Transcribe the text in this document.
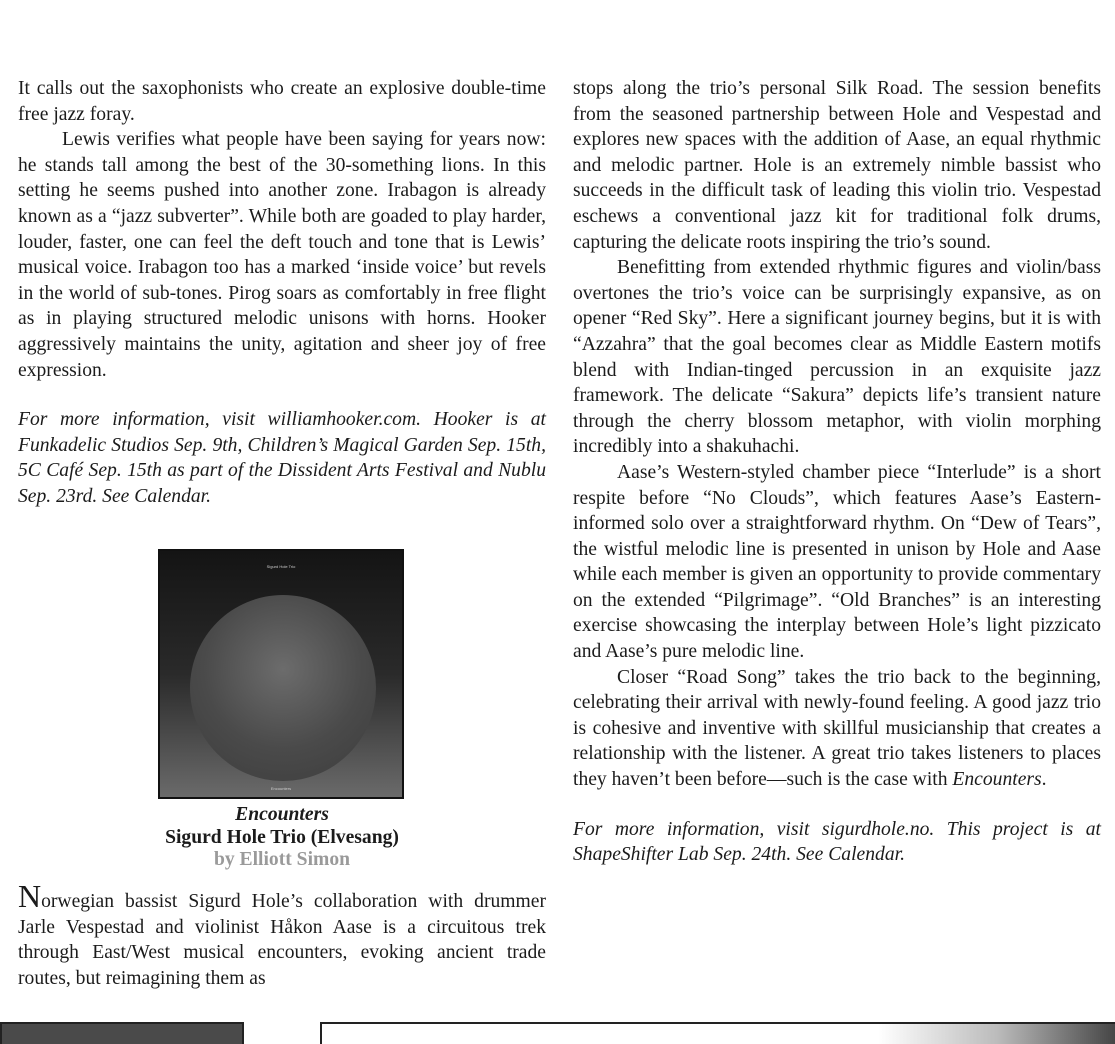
It calls out the saxophonists who create an explosive double-time free jazz foray.

Lewis verifies what people have been saying for years now: he stands tall among the best of the 30-something lions. In this setting he seems pushed into another zone. Irabagon is already known as a “jazz subverter”. While both are goaded to play harder, louder, faster, one can feel the deft touch and tone that is Lewis’ musical voice. Irabagon too has a marked ‘inside voice’ but revels in the world of sub-tones. Pirog soars as comfortably in free flight as in playing structured melodic unisons with horns. Hooker aggressively maintains the unity, agitation and sheer joy of free expression.

For more information, visit williamhooker.com. Hooker is at Funkadelic Studios Sep. 9th, Children’s Magical Garden Sep. 15th, 5C Café Sep. 15th as part of the Dissident Arts Festival and Nublu Sep. 23rd. See Calendar.

Sigurd Hole Trio
Encounters
Encounters
Sigurd Hole Trio (Elvesang)
by Elliott Simon

Norwegian bassist Sigurd Hole’s collaboration with drummer Jarle Vespestad and violinist Håkon Aase is a circuitous trek through East/West musical encounters, evoking ancient trade routes, but reimagining them as

stops along the trio’s personal Silk Road. The session benefits from the seasoned partnership between Hole and Vespestad and explores new spaces with the addition of Aase, an equal rhythmic and melodic partner. Hole is an extremely nimble bassist who succeeds in the difficult task of leading this violin trio. Vespestad eschews a conventional jazz kit for traditional folk drums, capturing the delicate roots inspiring the trio’s sound.

Benefitting from extended rhythmic figures and violin/bass overtones the trio’s voice can be surprisingly expansive, as on opener “Red Sky”. Here a significant journey begins, but it is with “Azzahra” that the goal becomes clear as Middle Eastern motifs blend with Indian-tinged percussion in an exquisite jazz framework. The delicate “Sakura” depicts life’s transient nature through the cherry blossom metaphor, with violin morphing incredibly into a shakuhachi.

Aase’s Western-styled chamber piece “Interlude” is a short respite before “No Clouds”, which features Aase’s Eastern-informed solo over a straightforward rhythm. On “Dew of Tears”, the wistful melodic line is presented in unison by Hole and Aase while each member is given an opportunity to provide commentary on the extended “Pilgrimage”. “Old Branches” is an interesting exercise showcasing the interplay between Hole’s light pizzicato and Aase’s pure melodic line.

Closer “Road Song” takes the trio back to the beginning, celebrating their arrival with newly-found feeling. A good jazz trio is cohesive and inventive with skillful musicianship that creates a relationship with the listener. A great trio takes listeners to places they haven’t been before—such is the case with Encounters.

For more information, visit sigurdhole.no. This project is at ShapeShifter Lab Sep. 24th. See Calendar.
